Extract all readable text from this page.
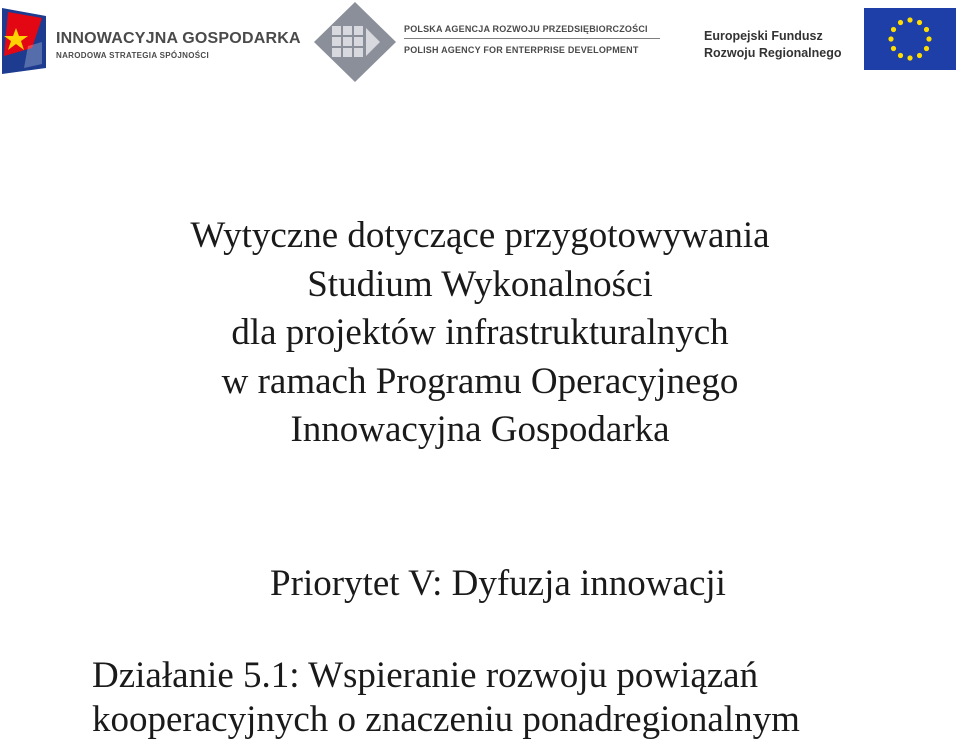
INNOWACYJNA GOSPODARKA
NARODOWA STRATEGIA SPÓJNOŚCI
POLSKA AGENCJA ROZWOJU PRZEDSIĘBIORCZOŚCI
POLISH AGENCY FOR ENTERPRISE DEVELOPMENT
Europejski Fundusz
Rozwoju Regionalnego
Wytyczne dotyczące przygotowywania
Studium Wykonalności
dla projektów infrastrukturalnych
w ramach Programu Operacyjnego
Innowacyjna Gospodarka
Priorytet V: Dyfuzja innowacji
Działanie 5.1: Wspieranie rozwoju powiązań
kooperacyjnych o znaczeniu ponadregionalnym
